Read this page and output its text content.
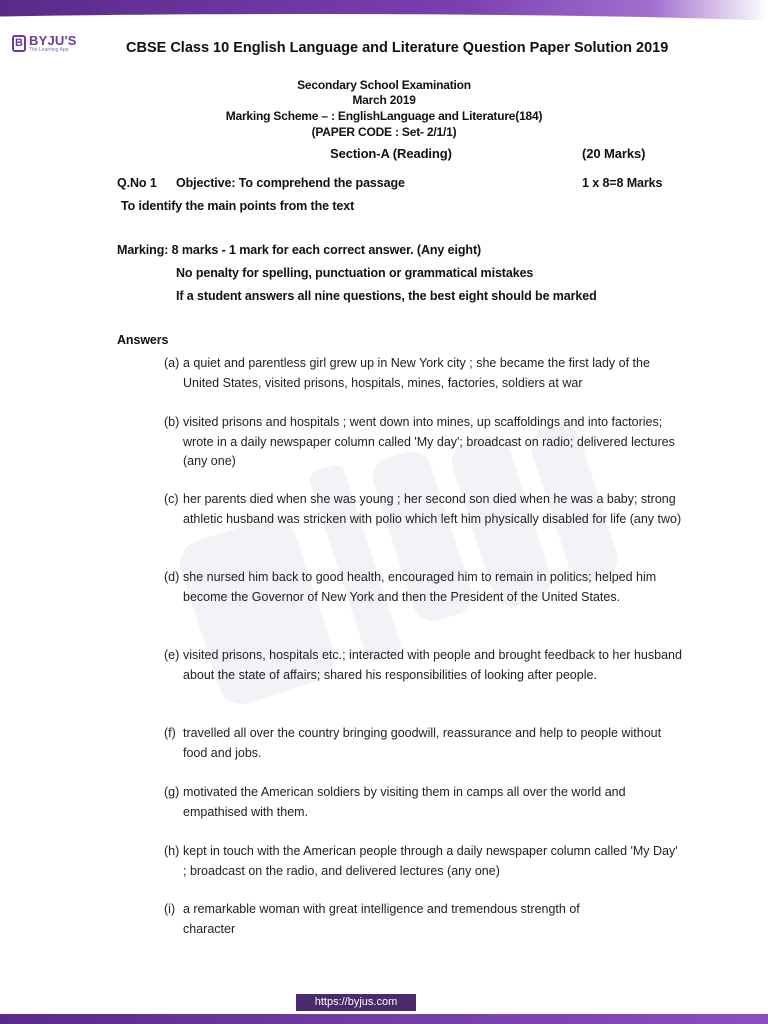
B BYJU'S
The Learning App	CBSE Class 10 English Language and Literature Question Paper Solution 2019
Secondary School Examination
March 2019
Marking Scheme – : EnglishLanguage and Literature(184)
(PAPER CODE : Set- 2/1/1)
Section-A (Reading)	(20 Marks)
Q.No 1 Objective: To comprehend the passage	1 x 8=8 Marks
To identify the main points from the text
Marking: 8 marks - 1 mark for each correct answer. (Any eight)
No penalty for spelling, punctuation or grammatical mistakes
If a student answers all nine questions, the best eight should be marked
Answers
(a) a quiet and parentless girl grew up in New York city ; she became the first lady of the United States, visited prisons, hospitals, mines, factories, soldiers at war
(b) visited prisons and hospitals ; went down into mines, up scaffoldings and into factories; wrote in a daily newspaper column called 'My day'; broadcast on radio; delivered lectures (any one)
(c) her parents died when she was young ; her second son died when he was a baby; strong athletic husband was stricken with polio which left him physically disabled for life (any two)
(d) she nursed him back to good health, encouraged him to remain in politics; helped him become the Governor of New York and then the President of the United States.
(e) visited prisons, hospitals etc.; interacted with people and brought feedback to her husband about the state of affairs; shared his responsibilities of looking after people.
(f) travelled all over the country bringing goodwill, reassurance and help to people without food and jobs.
(g) motivated the American soldiers by visiting them in camps all over the world and empathised with them.
(h) kept in touch with the American people through a daily newspaper column called 'My Day' ; broadcast on the radio, and delivered lectures (any one)
(i) a remarkable woman with great intelligence and tremendous strength of character
https://byjus.com
